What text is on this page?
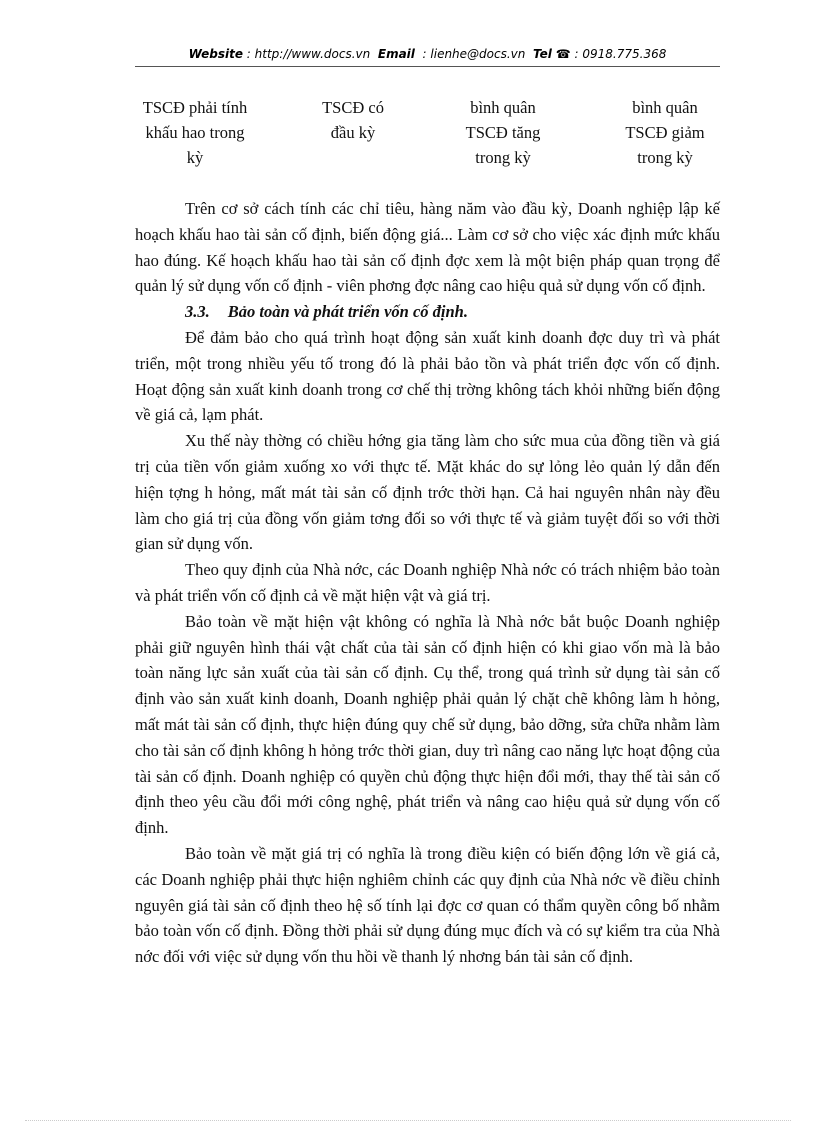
Website : http://www.docs.vn Email : lienhe@docs.vn Tel ☎ : 0918.775.368
TSCĐ phải tính
khấu hao trong
kỳ
TSCĐ có
đầu kỳ
bình quân
TSCĐ tăng
trong kỳ
bình quân
TSCĐ giảm
trong kỳ

Trên cơ sở cách tính các chỉ tiêu, hàng năm vào đầu kỳ, Doanh nghiệp lập kế hoạch khấu hao tài sản cố định, biến động giá... Làm cơ sở cho việc xác định mức khấu hao đúng. Kế hoạch khấu hao tài sản cố định đợc xem là một biện pháp quan trọng để quản lý sử dụng vốn cố định - viên phơng đợc nâng cao hiệu quả sử dụng vốn cố định.

3.3. Bảo toàn và phát triển vốn cố định.

Để đảm bảo cho quá trình hoạt động sản xuất kinh doanh đợc duy trì và phát triển, một trong nhiều yếu tố trong đó là phải bảo tồn và phát triển đợc vốn cố định. Hoạt động sản xuất kinh doanh trong cơ chế thị trờng không tách khỏi những biến động về giá cả, lạm phát.

Xu thế này thờng có chiều hớng gia tăng làm cho sức mua của đồng tiền và giá trị của tiền vốn giảm xuống xo với thực tế. Mặt khác do sự lỏng lẻo quản lý dẫn đến hiện tợng h hỏng, mất mát tài sản cố định trớc thời hạn. Cả hai nguyên nhân này đều làm cho giá trị của đồng vốn giảm tơng đối so với thực tế và giảm tuyệt đối so với thời gian sử dụng vốn.

Theo quy định của Nhà nớc, các Doanh nghiệp Nhà nớc có trách nhiệm bảo toàn và phát triển vốn cố định cả về mặt hiện vật và giá trị.

Bảo toàn về mặt hiện vật không có nghĩa là Nhà nớc bắt buộc Doanh nghiệp phải giữ nguyên hình thái vật chất của tài sản cố định hiện có khi giao vốn mà là bảo toàn năng lực sản xuất của tài sản cố định. Cụ thể, trong quá trình sử dụng tài sản cố định vào sản xuất kinh doanh, Doanh nghiệp phải quản lý chặt chẽ không làm h hỏng, mất mát tài sản cố định, thực hiện đúng quy chế sử dụng, bảo dỡng, sửa chữa nhằm làm cho tài sản cố định không h hỏng trớc thời gian, duy trì nâng cao năng lực hoạt động của tài sản cố định. Doanh nghiệp có quyền chủ động thực hiện đổi mới, thay thế tài sản cố định theo yêu cầu đổi mới công nghệ, phát triển và nâng cao hiệu quả sử dụng vốn cố định.

Bảo toàn về mặt giá trị có nghĩa là trong điều kiện có biến động lớn về giá cả, các Doanh nghiệp phải thực hiện nghiêm chỉnh các quy định của Nhà nớc về điều chỉnh nguyên giá tài sản cố định theo hệ số tính lại đợc cơ quan có thẩm quyền công bố nhằm bảo toàn vốn cố định. Đồng thời phải sử dụng đúng mục đích và có sự kiểm tra của Nhà nớc đối với việc sử dụng vốn thu hồi về thanh lý nhơng bán tài sản cố định.
